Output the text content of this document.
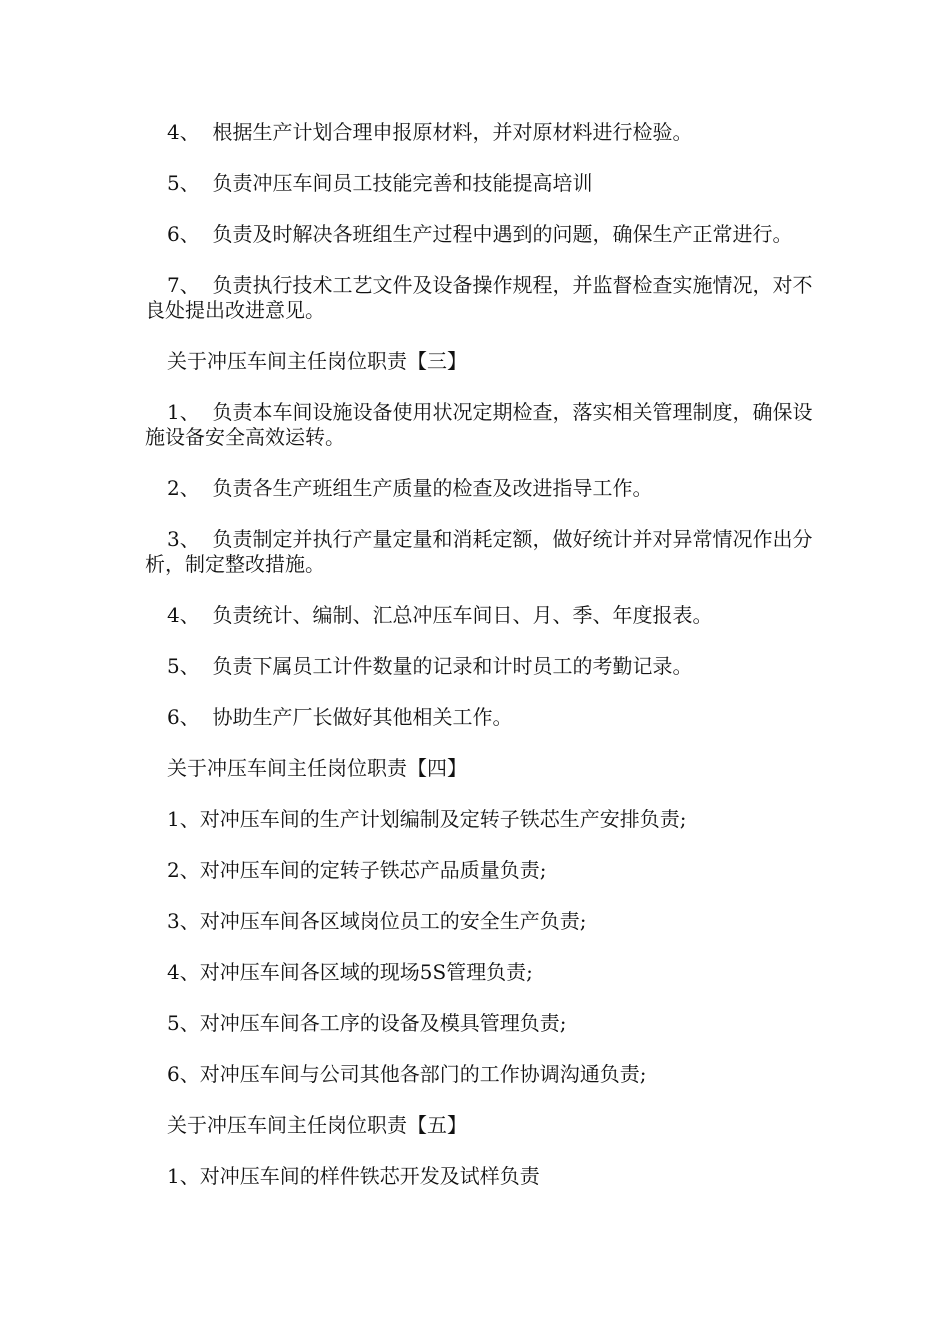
4、  根据生产计划合理申报原材料，并对原材料进行检验。

5、  负责冲压车间员工技能完善和技能提高培训

6、  负责及时解决各班组生产过程中遇到的问题，确保生产正常进行。

7、  负责执行技术工艺文件及设备操作规程，并监督检查实施情况，对不良处提出改进意见。

关于冲压车间主任岗位职责【三】

1、  负责本车间设施设备使用状况定期检查，落实相关管理制度，确保设施设备安全高效运转。

2、  负责各生产班组生产质量的检查及改进指导工作。

3、  负责制定并执行产量定量和消耗定额，做好统计并对异常情况作出分析，制定整改措施。

4、  负责统计、编制、汇总冲压车间日、月、季、年度报表。

5、  负责下属员工计件数量的记录和计时员工的考勤记录。

6、  协助生产厂长做好其他相关工作。

关于冲压车间主任岗位职责【四】

1、对冲压车间的生产计划编制及定转子铁芯生产安排负责;

2、对冲压车间的定转子铁芯产品质量负责;

3、对冲压车间各区域岗位员工的安全生产负责;

4、对冲压车间各区域的现场5S管理负责;

5、对冲压车间各工序的设备及模具管理负责;

6、对冲压车间与公司其他各部门的工作协调沟通负责;

关于冲压车间主任岗位职责【五】

1、对冲压车间的样件铁芯开发及试样负责
